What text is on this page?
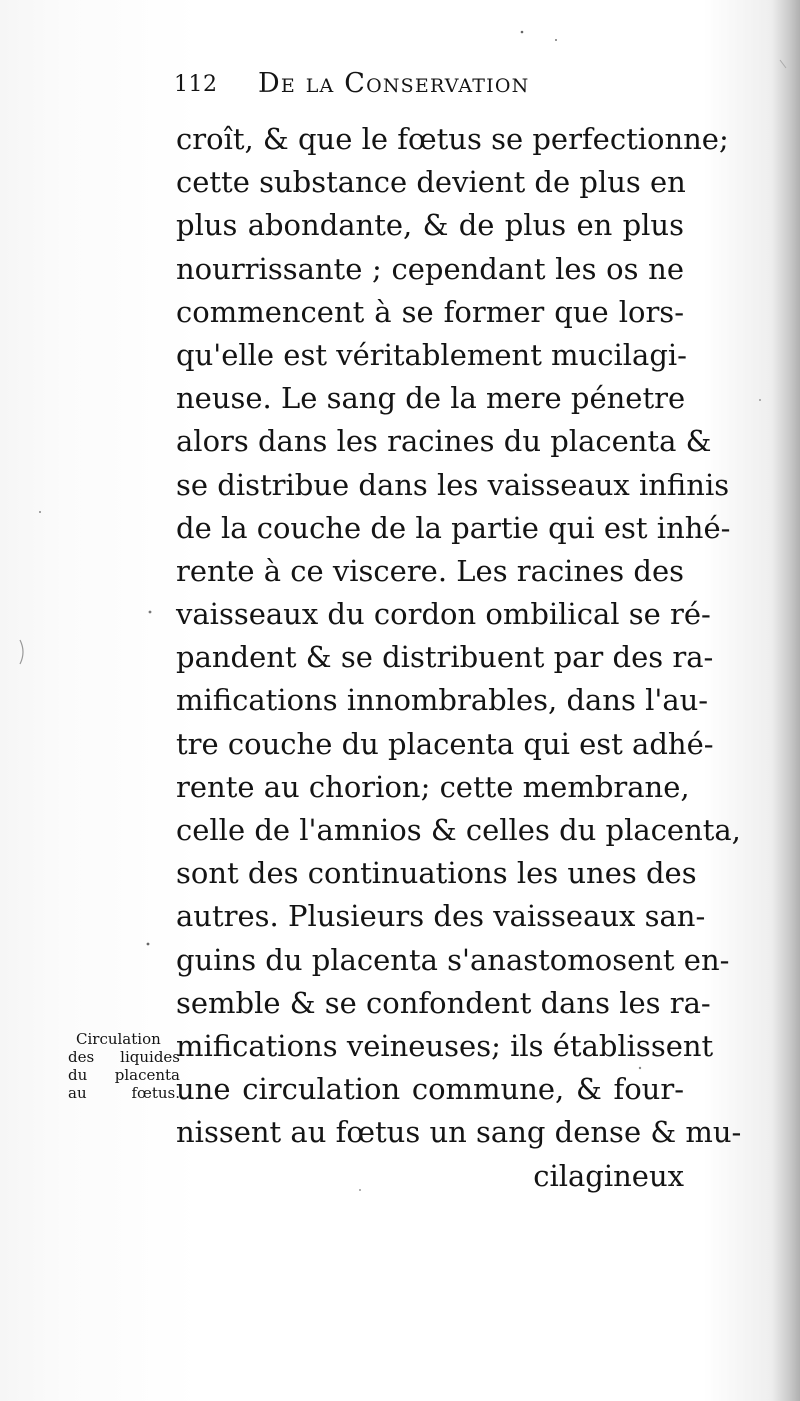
112 De la Conservation
croît, & que le fœtus se perfectionne;
cette substance devient de plus en
plus abondante, & de plus en plus
nourrissante ; cependant les os ne
commencent à se former que lors-
qu'elle est véritablement mucilagi-
neuse. Le sang de la mere pénetre
alors dans les racines du placenta &
se distribue dans les vaisseaux infinis
de la couche de la partie qui est inhé-
rente à ce viscere. Les racines des
vaisseaux du cordon ombilical se ré-
pandent & se distribuent par des ra-
mifications innombrables, dans l'au-
tre couche du placenta qui est adhé-
rente au chorion; cette membrane,
celle de l'amnios & celles du placenta,
sont des continuations les unes des
autres. Plusieurs des vaisseaux san-
guins du placenta s'anastomosent en-
semble & se confondent dans les ra-
mifications veineuses; ils établissent
une circulation commune, & four-
nissent au fœtus un sang dense & mu-
cilagineux
Circulation
des liquides
du placenta
au fœtus.
